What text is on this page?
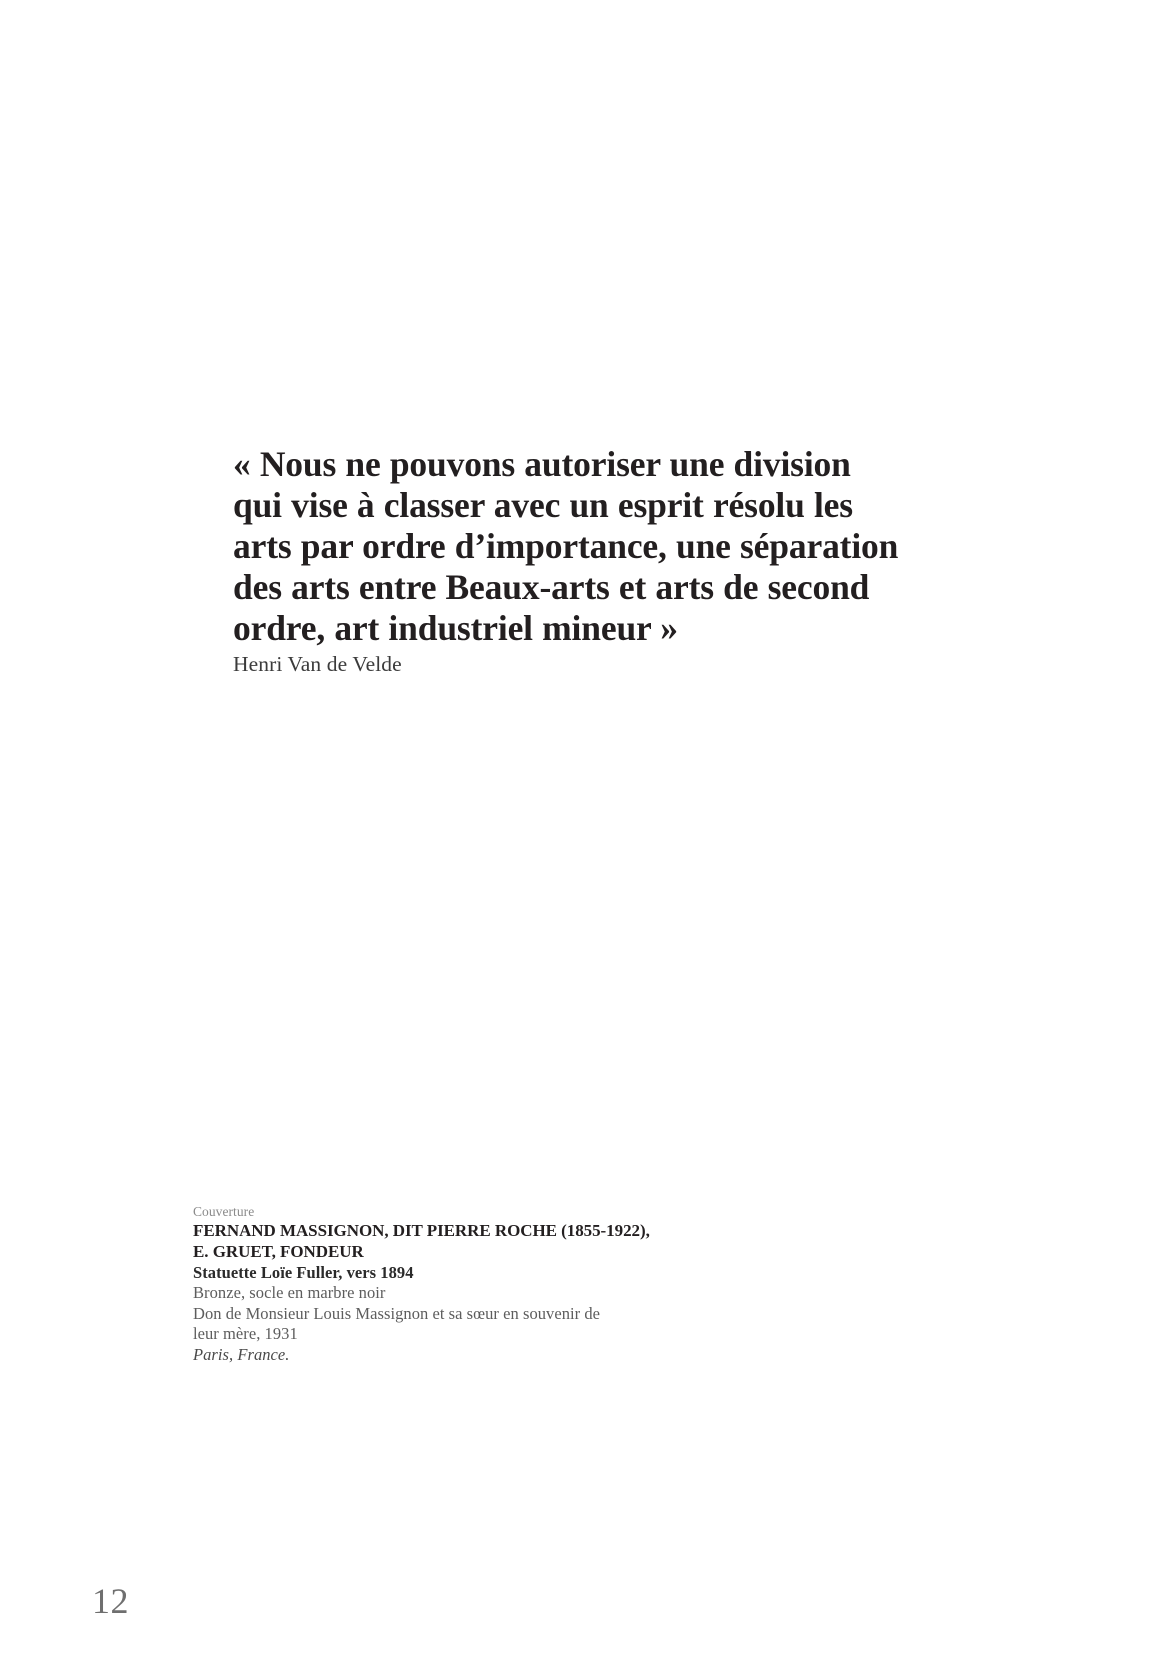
« Nous ne pouvons autoriser une division

qui vise à classer avec un esprit résolu les

arts par ordre d’importance, une séparation

des arts entre Beaux-arts et arts de second

ordre, art industriel mineur »

Henri Van de Velde

Couverture

FERNAND MASSIGNON, DIT PIERRE ROCHE (1855-1922),

E. GRUET, FONDEUR

Statuette Loïe Fuller, vers 1894

Bronze, socle en marbre noir

Don de Monsieur Louis Massignon et sa sœur en souvenir de

leur mère, 1931

Paris, France.

12
